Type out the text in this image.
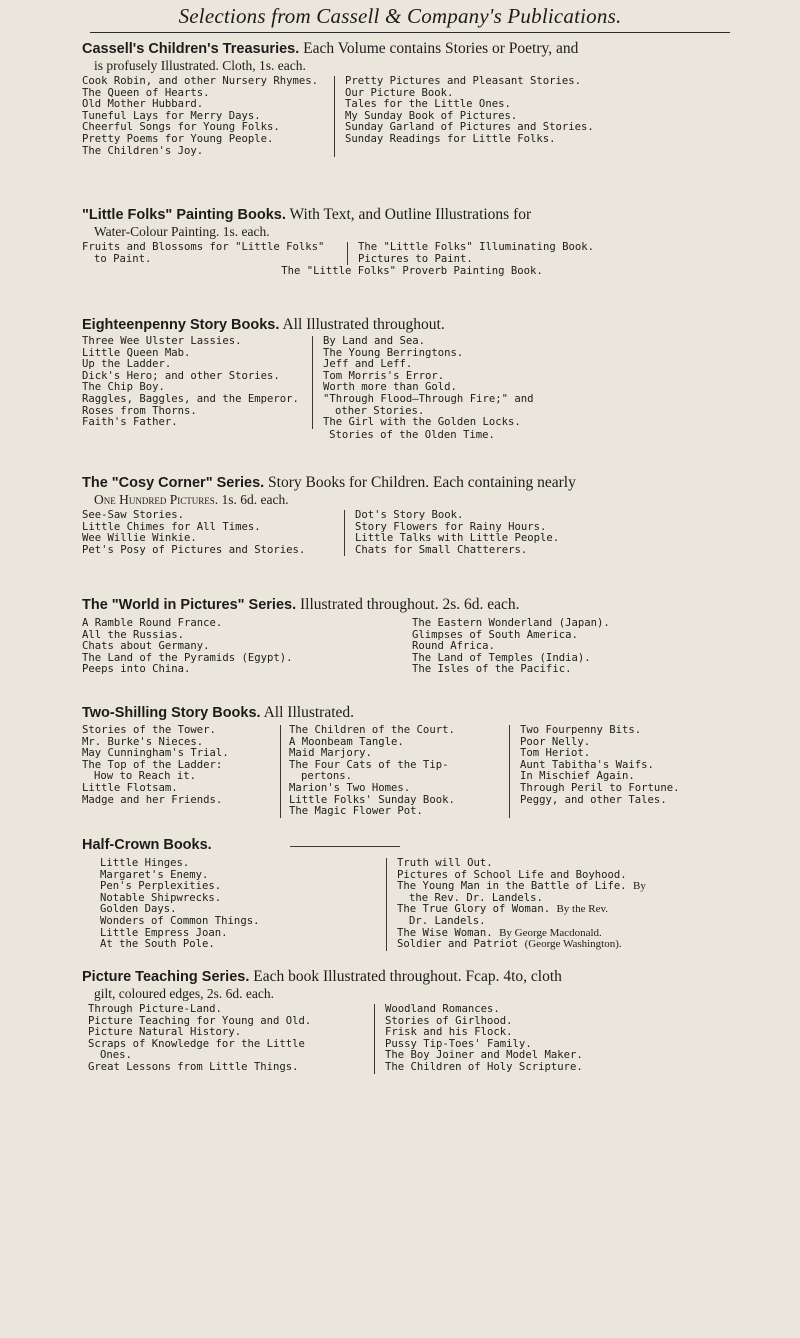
Selections from Cassell & Company's Publications.
Cassell's Children's Treasuries. Each Volume contains Stories or Poetry, and
is profusely Illustrated. Cloth, 1s. each.
Cook Robin, and other Nursery Rhymes.
The Queen of Hearts.
Old Mother Hubbard.
Tuneful Lays for Merry Days.
Cheerful Songs for Young Folks.
Pretty Poems for Young People.
The Children's Joy.
Pretty Pictures and Pleasant Stories.
Our Picture Book.
Tales for the Little Ones.
My Sunday Book of Pictures.
Sunday Garland of Pictures and Stories.
Sunday Readings for Little Folks.
"Little Folks" Painting Books. With Text, and Outline Illustrations for
Water-Colour Painting. 1s. each.
Fruits and Blossoms for "Little Folks"
to Paint.
The "Little Folks" Illuminating Book.
Pictures to Paint.
The "Little Folks" Proverb Painting Book.
Eighteenpenny Story Books. All Illustrated throughout.
Three Wee Ulster Lassies.
Little Queen Mab.
Up the Ladder.
Dick's Hero; and other Stories.
The Chip Boy.
Raggles, Baggles, and the Emperor.
Roses from Thorns.
Faith's Father.
By Land and Sea.
The Young Berringtons.
Jeff and Leff.
Tom Morris's Error.
Worth more than Gold.
"Through Flood—Through Fire;" and
other Stories.
The Girl with the Golden Locks.
Stories of the Olden Time.
The "Cosy Corner" Series. Story Books for Children. Each containing nearly
One Hundred Pictures. 1s. 6d. each.
See-Saw Stories.
Little Chimes for All Times.
Wee Willie Winkie.
Pet's Posy of Pictures and Stories.
Dot's Story Book.
Story Flowers for Rainy Hours.
Little Talks with Little People.
Chats for Small Chatterers.
The "World in Pictures" Series. Illustrated throughout. 2s. 6d. each.
A Ramble Round France.
All the Russias.
Chats about Germany.
The Land of the Pyramids (Egypt).
Peeps into China.
The Eastern Wonderland (Japan).
Glimpses of South America.
Round Africa.
The Land of Temples (India).
The Isles of the Pacific.
Two-Shilling Story Books. All Illustrated.
Stories of the Tower.
Mr. Burke's Nieces.
May Cunningham's Trial.
The Top of the Ladder:
How to Reach it.
Little Flotsam.
Madge and her Friends.
The Children of the Court.
A Moonbeam Tangle.
Maid Marjory.
The Four Cats of the Tip-
pertons.
Marion's Two Homes.
Little Folks' Sunday Book.
The Magic Flower Pot.
Two Fourpenny Bits.
Poor Nelly.
Tom Heriot.
Aunt Tabitha's Waifs.
In Mischief Again.
Through Peril to Fortune.
Peggy, and other Tales.
Half-Crown Books.
Little Hinges.
Margaret's Enemy.
Pen's Perplexities.
Notable Shipwrecks.
Golden Days.
Wonders of Common Things.
Little Empress Joan.
At the South Pole.
Truth will Out.
Pictures of School Life and Boyhood.
The Young Man in the Battle of Life. By
the Rev. Dr. Landels.
The True Glory of Woman. By the Rev.
Dr. Landels.
The Wise Woman. By George Macdonald.
Soldier and Patriot (George Washington).
Picture Teaching Series. Each book Illustrated throughout. Fcap. 4to, cloth
gilt, coloured edges, 2s. 6d. each.
Through Picture-Land.
Picture Teaching for Young and Old.
Picture Natural History.
Scraps of Knowledge for the Little
Ones.
Great Lessons from Little Things.
Woodland Romances.
Stories of Girlhood.
Frisk and his Flock.
Pussy Tip-Toes' Family.
The Boy Joiner and Model Maker.
The Children of Holy Scripture.
